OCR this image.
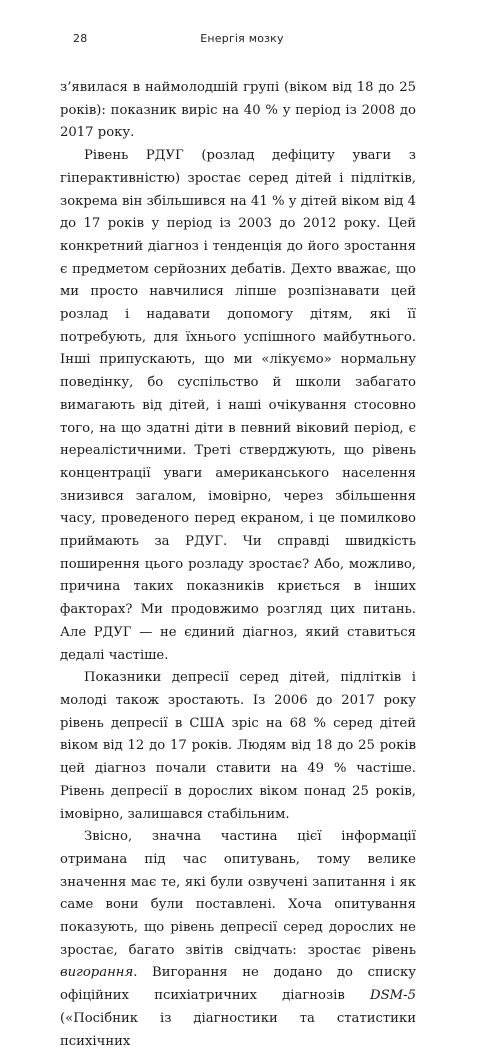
28	Енергія мозку

з’явилася в наймолодшій групі (віком від 18 до 25 років): показник виріс на 40 % у період із 2008 до 2017 року.

Рівень РДУГ (розлад дефіциту уваги з гіперактивністю) зростає серед дітей і підлітків, зокрема він збільшився на 41 % у дітей віком від 4 до 17 років у період із 2003 до 2012 року. Цей конкретний діагноз і тенденція до його зростання є предметом серйозних дебатів. Дехто вважає, що ми просто навчилися ліпше розпізнавати цей розлад і надавати допомогу дітям, які її потребують, для їхнього успішного майбутнього. Інші припускають, що ми «лікуємо» нормальну поведінку, бо суспільство й школи забагато вимагають від дітей, і наші очікування стосовно того, на що здатні діти в певний віковий період, є нереалістичними. Треті стверджують, що рівень концентрації уваги американського населення знизився загалом, імовірно, через збільшення часу, проведеного перед екраном, і це помилково приймають за РДУГ. Чи справді швидкість поширення цього розладу зростає? Або, можливо, причина таких показників криється в інших факторах? Ми продовжимо розгляд цих питань. Але РДУГ — не єдиний діагноз, який ставиться дедалі частіше.

Показники депресії серед дітей, підлітків і молоді також зростають. Із 2006 до 2017 року рівень депресії в США зріс на 68 % серед дітей віком від 12 до 17 років. Людям від 18 до 25 років цей діагноз почали ставити на 49 % частіше. Рівень депресії в дорослих віком понад 25 років, імовірно, залишався стабільним.

Звісно, значна частина цієї інформації отримана під час опитувань, тому велике значення має те, які були озвучені запитання і як саме вони були поставлені. Хоча опитування показують, що рівень депресії серед дорослих не зростає, багато звітів свідчать: зростає рівень вигорання. Вигорання не додано до списку офіційних психіатричних діагнозів DSM-5 («Посібник із діагностики та статистики психічних
